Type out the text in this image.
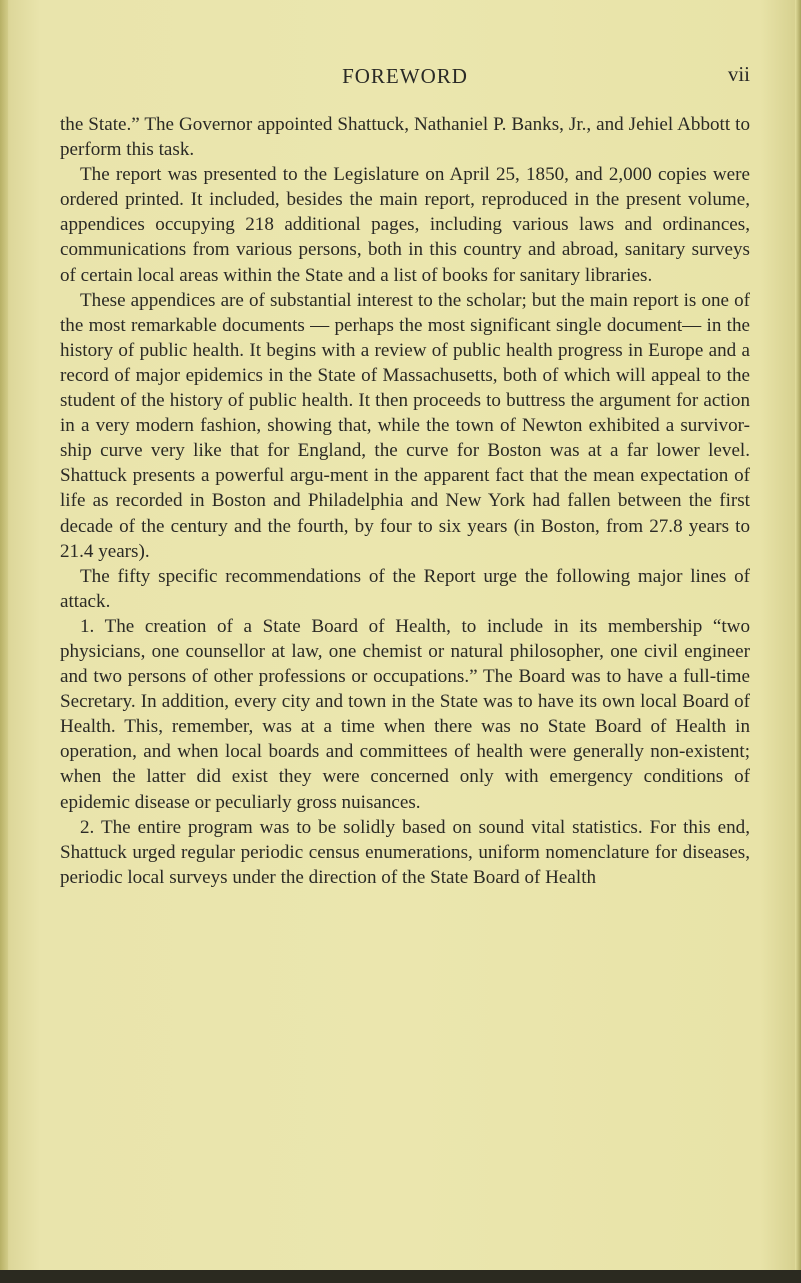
FOREWORD	vii

the State.” The Governor appointed Shattuck, Nathaniel P. Banks, Jr., and Jehiel Abbott to perform this task.

The report was presented to the Legislature on April 25, 1850, and 2,000 copies were ordered printed. It included, besides the main report, reproduced in the present volume, appendices occupying 218 additional pages, including various laws and ordinances, communications from various persons, both in this country and abroad, sanitary surveys of certain local areas within the State and a list of books for sanitary libraries.

These appendices are of substantial interest to the scholar; but the main report is one of the most remarkable documents — perhaps the most significant single document— in the history of public health. It begins with a review of public health progress in Europe and a record of major epidemics in the State of Massachusetts, both of which will appeal to the student of the history of public health. It then proceeds to buttress the argument for action in a very modern fashion, showing that, while the town of Newton exhibited a survivor-ship curve very like that for England, the curve for Boston was at a far lower level. Shattuck presents a powerful argu-ment in the apparent fact that the mean expectation of life as recorded in Boston and Philadelphia and New York had fallen between the first decade of the century and the fourth, by four to six years (in Boston, from 27.8 years to 21.4 years).

The fifty specific recommendations of the Report urge the following major lines of attack.

1. The creation of a State Board of Health, to include in its membership “two physicians, one counsellor at law, one chemist or natural philosopher, one civil engineer and two persons of other professions or occupations.” The Board was to have a full-time Secretary. In addition, every city and town in the State was to have its own local Board of Health. This, remember, was at a time when there was no State Board of Health in operation, and when local boards and committees of health were generally non-existent; when the latter did exist they were concerned only with emergency conditions of epidemic disease or peculiarly gross nuisances.

2. The entire program was to be solidly based on sound vital statistics. For this end, Shattuck urged regular periodic census enumerations, uniform nomenclature for diseases, periodic local surveys under the direction of the State Board of Health
